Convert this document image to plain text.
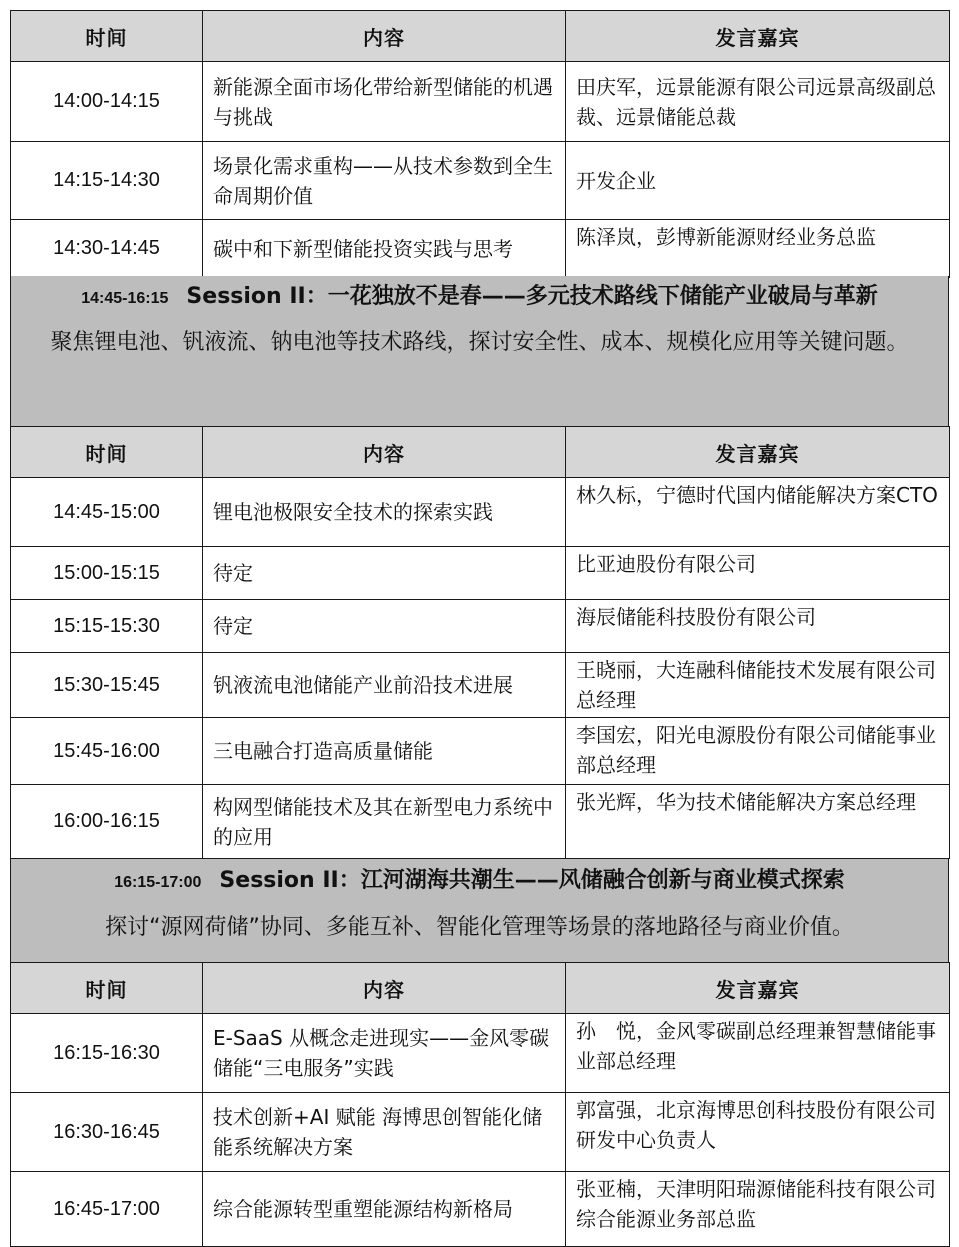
时间	内容	发言嘉宾
14:00-14:15	新能源全面市场化带给新型储能的机遇与挑战	田庆军，远景能源有限公司远景高级副总裁、远景储能总裁
14:15-14:30	场景化需求重构——从技术参数到全生命周期价值	开发企业
14:30-14:45	碳中和下新型储能投资实践与思考	陈泽岚，彭博新能源财经业务总监
14:45-16:15 Session II：一花独放不是春——多元技术路线下储能产业破局与革新
聚焦锂电池、钒液流、钠电池等技术路线，探讨安全性、成本、规模化应用等关键问题。
时间	内容	发言嘉宾
14:45-15:00	锂电池极限安全技术的探索实践	林久标，宁德时代国内储能解决方案CTO
15:00-15:15	待定	比亚迪股份有限公司
15:15-15:30	待定	海辰储能科技股份有限公司
15:30-15:45	钒液流电池储能产业前沿技术进展	王晓丽，大连融科储能技术发展有限公司总经理
15:45-16:00	三电融合打造高质量储能	李国宏，阳光电源股份有限公司储能事业部总经理
16:00-16:15	构网型储能技术及其在新型电力系统中的应用	张光辉，华为技术储能解决方案总经理
16:15-17:00 Session II：江河湖海共潮生——风储融合创新与商业模式探索
探讨“源网荷储”协同、多能互补、智能化管理等场景的落地路径与商业价值。
时间	内容	发言嘉宾
16:15-16:30	E-SaaS 从概念走进现实——金风零碳储能“三电服务”实践	孙　悦，金风零碳副总经理兼智慧储能事业部总经理
16:30-16:45	技术创新+AI 赋能 海博思创智能化储能系统解决方案	郭富强，北京海博思创科技股份有限公司研发中心负责人
16:45-17:00	综合能源转型重塑能源结构新格局	张亚楠，天津明阳瑞源储能科技有限公司综合能源业务部总监
